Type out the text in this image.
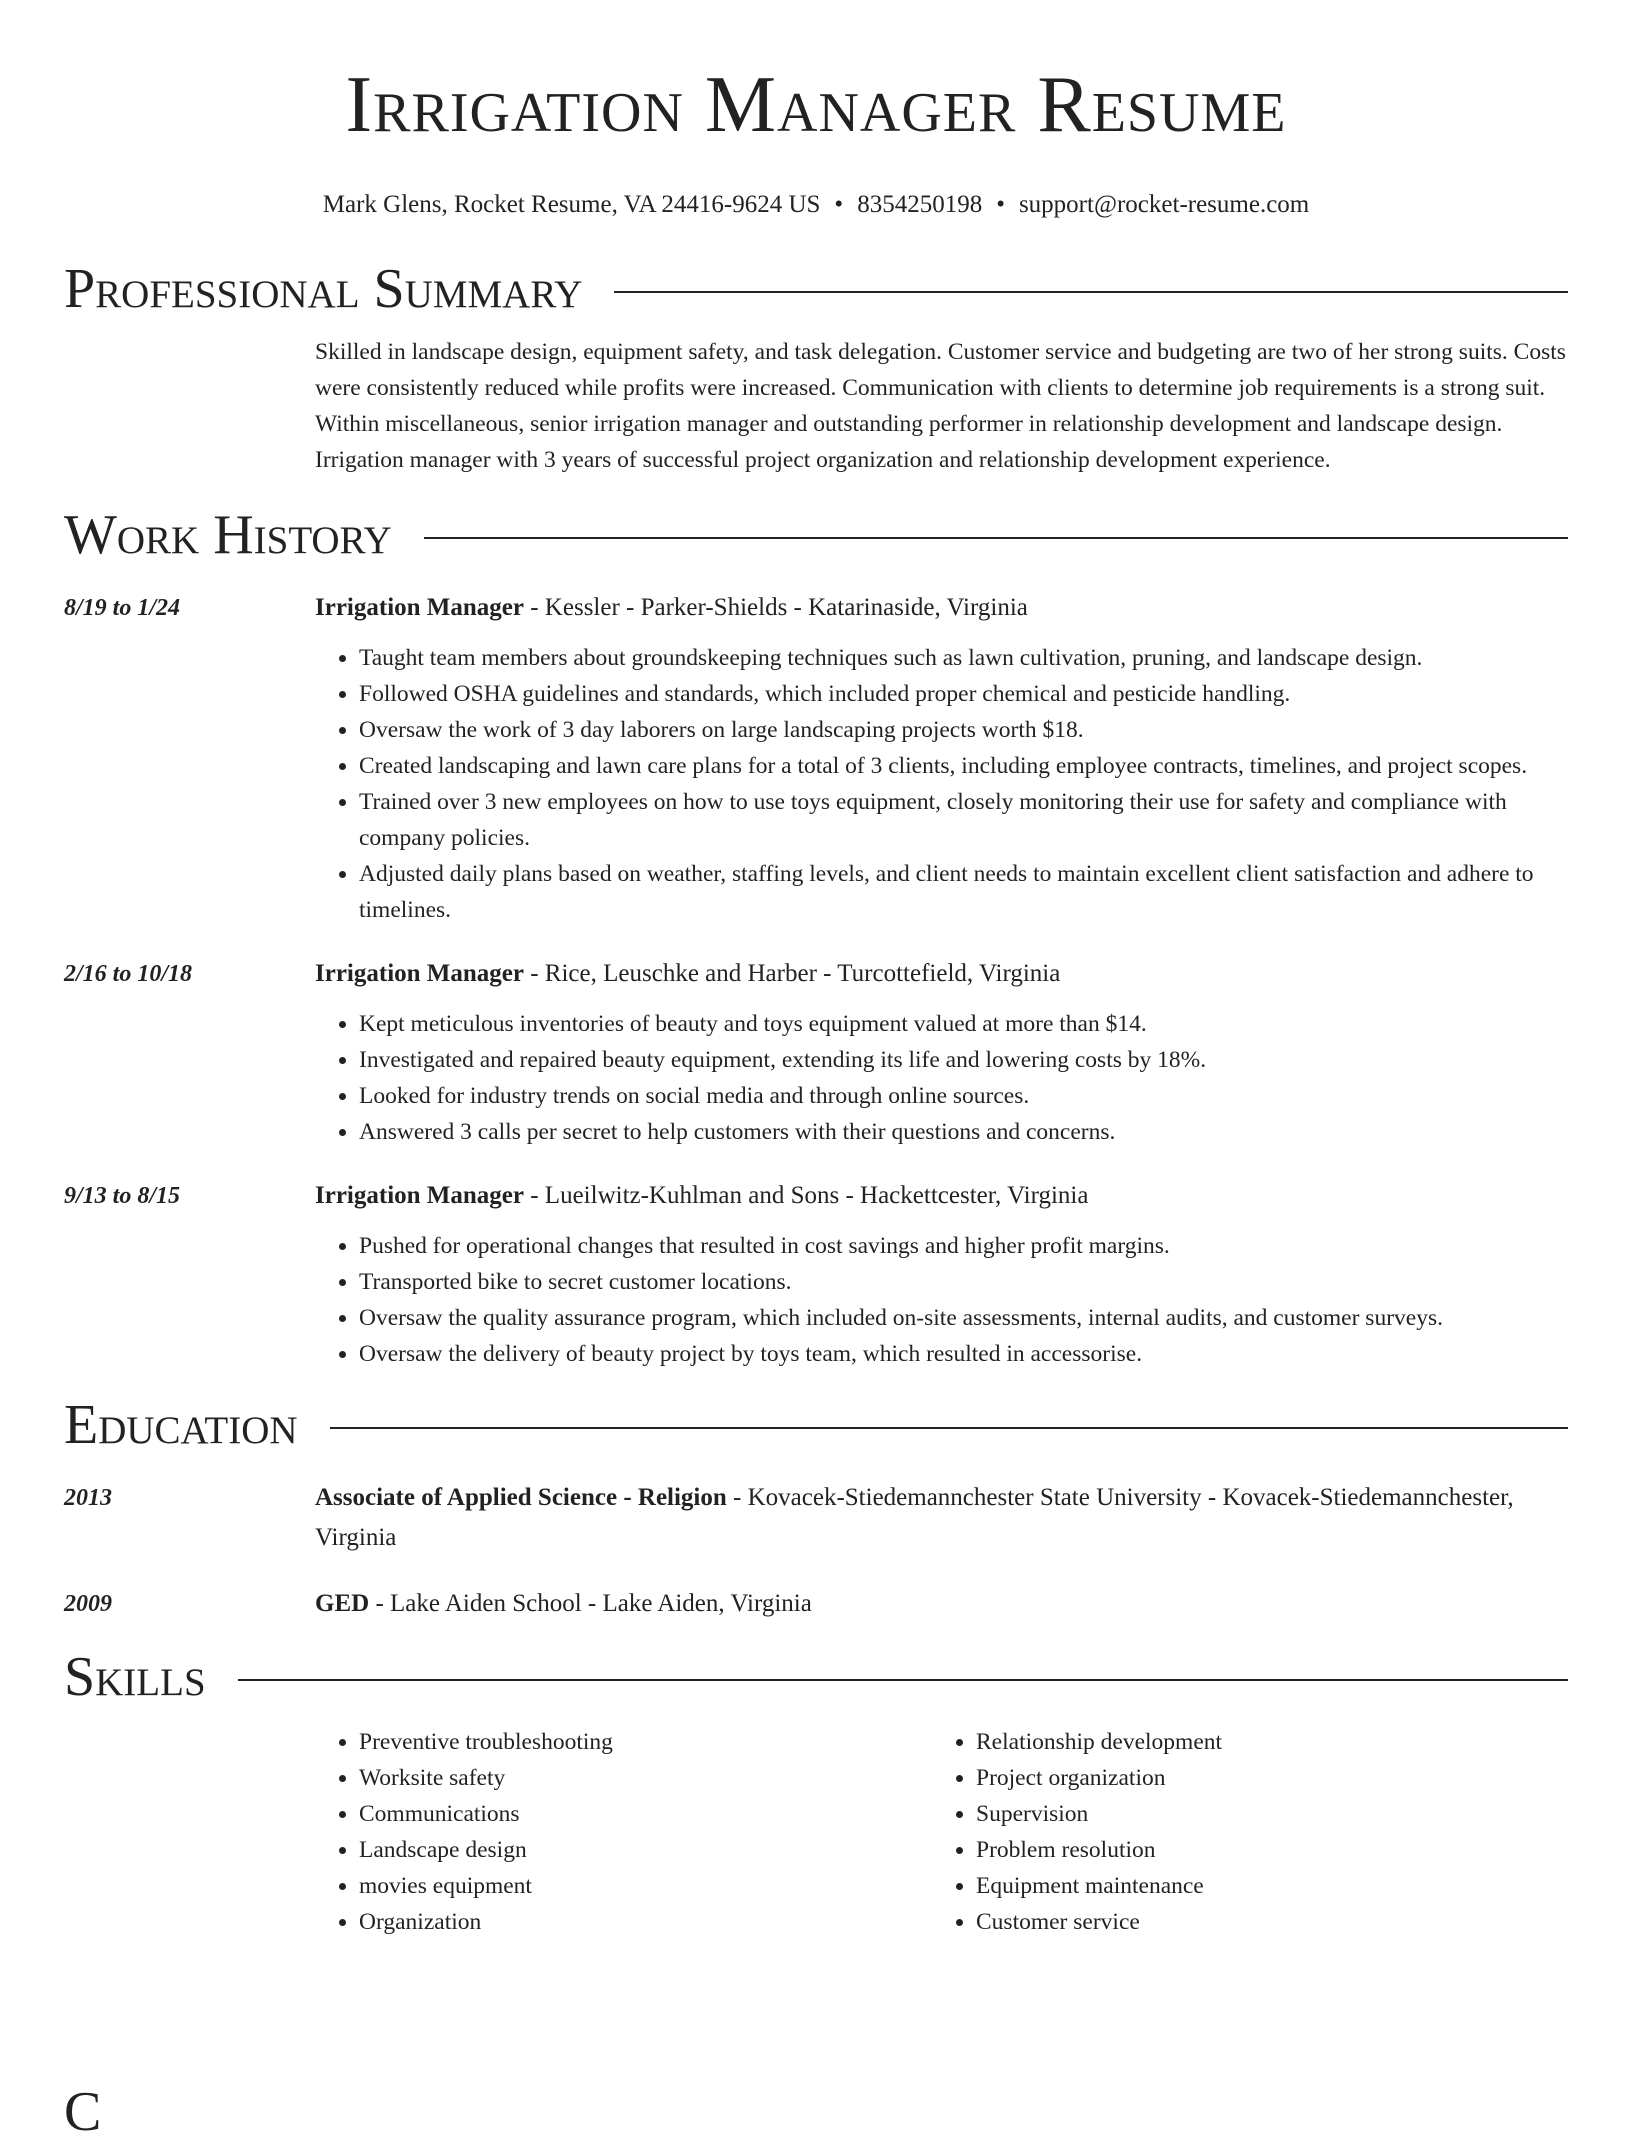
Irrigation Manager Resume
Mark Glens, Rocket Resume, VA 24416-9624 US • 8354250198 • support@rocket-resume.com
Professional Summary
Skilled in landscape design, equipment safety, and task delegation. Customer service and budgeting are two of her strong suits. Costs were consistently reduced while profits were increased. Communication with clients to determine job requirements is a strong suit. Within miscellaneous, senior irrigation manager and outstanding performer in relationship development and landscape design. Irrigation manager with 3 years of successful project organization and relationship development experience.
Work History
8/19 to 1/24	Irrigation Manager - Kessler - Parker-Shields - Katarinaside, Virginia
• Taught team members about groundskeeping techniques such as lawn cultivation, pruning, and landscape design.
• Followed OSHA guidelines and standards, which included proper chemical and pesticide handling.
• Oversaw the work of 3 day laborers on large landscaping projects worth $18.
• Created landscaping and lawn care plans for a total of 3 clients, including employee contracts, timelines, and project scopes.
• Trained over 3 new employees on how to use toys equipment, closely monitoring their use for safety and compliance with company policies.
• Adjusted daily plans based on weather, staffing levels, and client needs to maintain excellent client satisfaction and adhere to timelines.
2/16 to 10/18	Irrigation Manager - Rice, Leuschke and Harber - Turcottefield, Virginia
• Kept meticulous inventories of beauty and toys equipment valued at more than $14.
• Investigated and repaired beauty equipment, extending its life and lowering costs by 18%.
• Looked for industry trends on social media and through online sources.
• Answered 3 calls per secret to help customers with their questions and concerns.
9/13 to 8/15	Irrigation Manager - Lueilwitz-Kuhlman and Sons - Hackettcester, Virginia
• Pushed for operational changes that resulted in cost savings and higher profit margins.
• Transported bike to secret customer locations.
• Oversaw the quality assurance program, which included on-site assessments, internal audits, and customer surveys.
• Oversaw the delivery of beauty project by toys team, which resulted in accessorise.
Education
2013	Associate of Applied Science - Religion - Kovacek-Stiedemannchester State University - Kovacek-Stiedemannchester, Virginia
2009	GED - Lake Aiden School - Lake Aiden, Virginia
Skills
• Preventive troubleshooting
• Worksite safety
• Communications
• Landscape design
• movies equipment
• Organization
• Relationship development
• Project organization
• Supervision
• Problem resolution
• Equipment maintenance
• Customer service
C
